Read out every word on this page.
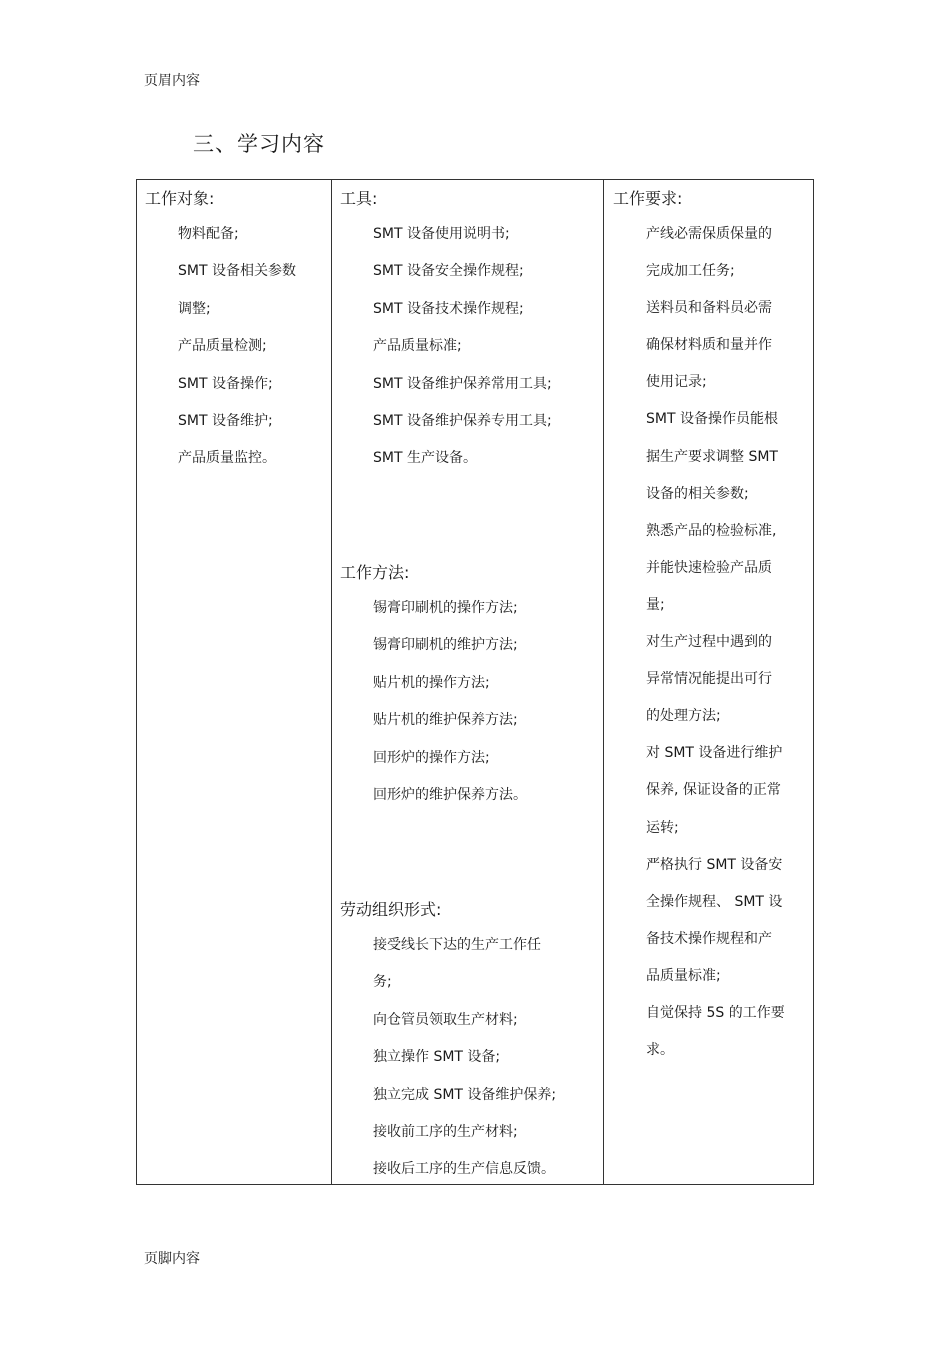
页眉内容
三、学习内容
工作对象:
物料配备;
SMT 设备相关参数
调整;
产品质量检测;
SMT 设备操作;
SMT 设备维护;
产品质量监控。
工具:
SMT 设备使用说明书;
SMT 设备安全操作规程;
SMT 设备技术操作规程;
产品质量标准;
SMT 设备维护保养常用工具;
SMT 设备维护保养专用工具;
SMT 生产设备。
工作方法:
锡膏印刷机的操作方法;
锡膏印刷机的维护方法;
贴片机的操作方法;
贴片机的维护保养方法;
回形炉的操作方法;
回形炉的维护保养方法。
劳动组织形式:
接受线长下达的生产工作任
务;
向仓管员领取生产材料;
独立操作 SMT 设备;
独立完成 SMT 设备维护保养;
接收前工序的生产材料;
接收后工序的生产信息反馈。
工作要求:
产线必需保质保量的
完成加工任务;
送料员和备料员必需
确保材料质和量并作
使用记录;
SMT 设备操作员能根
据生产要求调整 SMT
设备的相关参数;
熟悉产品的检验标准,
并能快速检验产品质
量;
对生产过程中遇到的
异常情况能提出可行
的处理方法;
对 SMT 设备进行维护
保养, 保证设备的正常
运转;
严格执行 SMT 设备安
全操作规程、 SMT 设
备技术操作规程和产
品质量标准;
自觉保持 5S 的工作要
求。
页脚内容
